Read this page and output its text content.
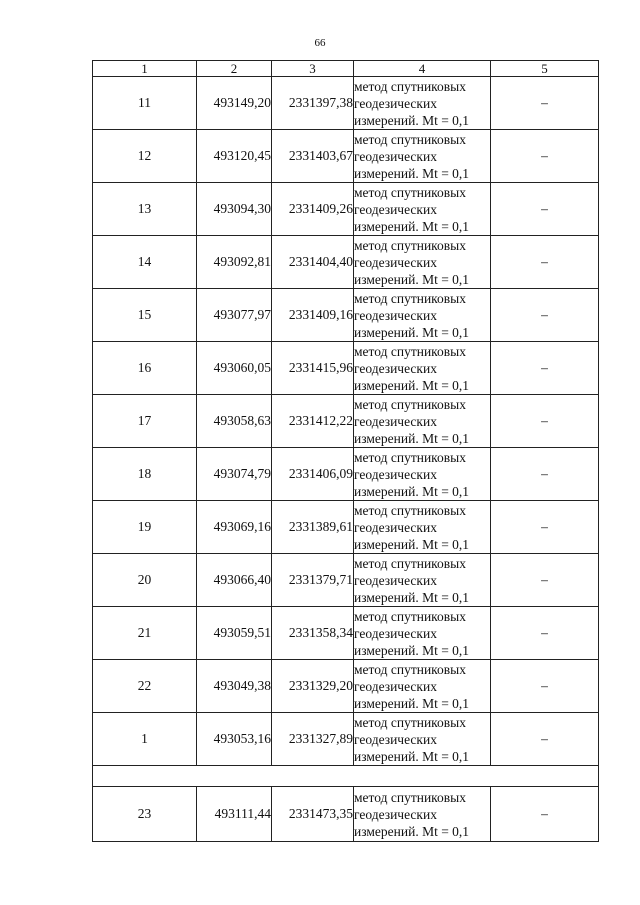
66
1	2	3	4	5
11	493149,20	2331397,38	метод спутниковых
геодезических
измерений. Mt = 0,1	–
12	493120,45	2331403,67	метод спутниковых
геодезических
измерений. Mt = 0,1	–
13	493094,30	2331409,26	метод спутниковых
геодезических
измерений. Mt = 0,1	–
14	493092,81	2331404,40	метод спутниковых
геодезических
измерений. Mt = 0,1	–
15	493077,97	2331409,16	метод спутниковых
геодезических
измерений. Mt = 0,1	–
16	493060,05	2331415,96	метод спутниковых
геодезических
измерений. Mt = 0,1	–
17	493058,63	2331412,22	метод спутниковых
геодезических
измерений. Mt = 0,1	–
18	493074,79	2331406,09	метод спутниковых
геодезических
измерений. Mt = 0,1	–
19	493069,16	2331389,61	метод спутниковых
геодезических
измерений. Mt = 0,1	–
20	493066,40	2331379,71	метод спутниковых
геодезических
измерений. Mt = 0,1	–
21	493059,51	2331358,34	метод спутниковых
геодезических
измерений. Mt = 0,1	–
22	493049,38	2331329,20	метод спутниковых
геодезических
измерений. Mt = 0,1	–
1	493053,16	2331327,89	метод спутниковых
геодезических
измерений. Mt = 0,1	–

23	493111,44	2331473,35	метод спутниковых
геодезических
измерений. Mt = 0,1	–
